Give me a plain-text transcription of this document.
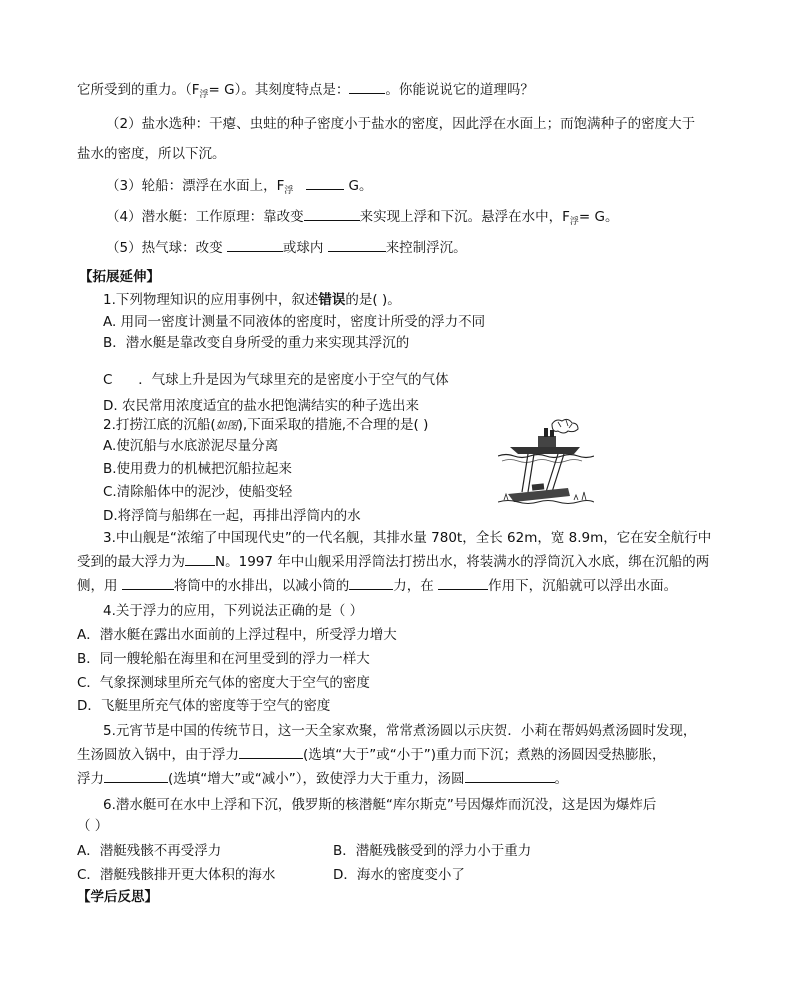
它所受到的重力。$(F_浮= G)$。其刻度特点是：	。你能说说它的道理吗？
（2）盐水选种：干瘪、虫蛀的种子密度小于盐水的密度，因此浮在水面上；而饱满种子的密度大于
盐水的密度，所以下沉。
（3）轮船：漂浮在水面上，$F_浮$	G。
（4）潜水艇：工作原理：靠改变	来实现上浮和下沉。悬浮在水中，$F_浮= G$。
（5）热气球：改变	或球内	来控制浮沉。
【拓展延伸】
1.下列物理知识的应用事例中，叙述错误的是( )。
A. 用同一密度计测量不同液体的密度时，密度计所受的浮力不同
B．潜水艇是靠改变自身所受的重力来实现其浮沉的
C ．气球上升是因为气球里充的是密度小于空气的气体
D. 农民常用浓度适宜的盐水把饱满结实的种子选出来
2.打捞江底的沉船(如图),下面采取的措施,不合理的是( )
A.使沉船与水底淤泥尽量分离
B.使用费力的机械把沉船拉起来
C.清除船体中的泥沙，使船变轻
D.将浮筒与船绑在一起，再排出浮筒内的水
3.中山舰是“浓缩了中国现代史”的一代名舰，其排水量 780t，全长 62m，宽 8.9m，它在安全航行中
受到的最大浮力为 N。1997 年中山舰采用浮筒法打捞出水，将装满水的浮筒沉入水底，绑在沉船的两
侧，用	将筒中的水排出，以减小筒的	力，在	作用下，沉船就可以浮出水面。
4.关于浮力的应用，下列说法正确的是（ ）
A．潜水艇在露出水面前的上浮过程中，所受浮力增大
B．同一艘轮船在海里和在河里受到的浮力一样大
C．气象探测球里所充气体的密度大于空气的密度
D．飞艇里所充气体的密度等于空气的密度
5.元宵节是中国的传统节日，这一天全家欢聚，常常煮汤圆以示庆贺．小莉在帮妈妈煮汤圆时发现，
生汤圆放入锅中，由于浮力	(选填“大于”或“小于”)重力而下沉；煮熟的汤圆因受热膨胀，
浮力	(选填“增大”或“减小”），致使浮力大于重力，汤圆	。
6.潜水艇可在水中上浮和下沉，俄罗斯的核潜艇“库尔斯克”号因爆炸而沉没，这是因为爆炸后
（ ）
A．潜艇残骸不再受浮力	B．潜艇残骸受到的浮力小于重力
C．潜艇残骸排开更大体积的海水	D．海水的密度变小了
【学后反思】
